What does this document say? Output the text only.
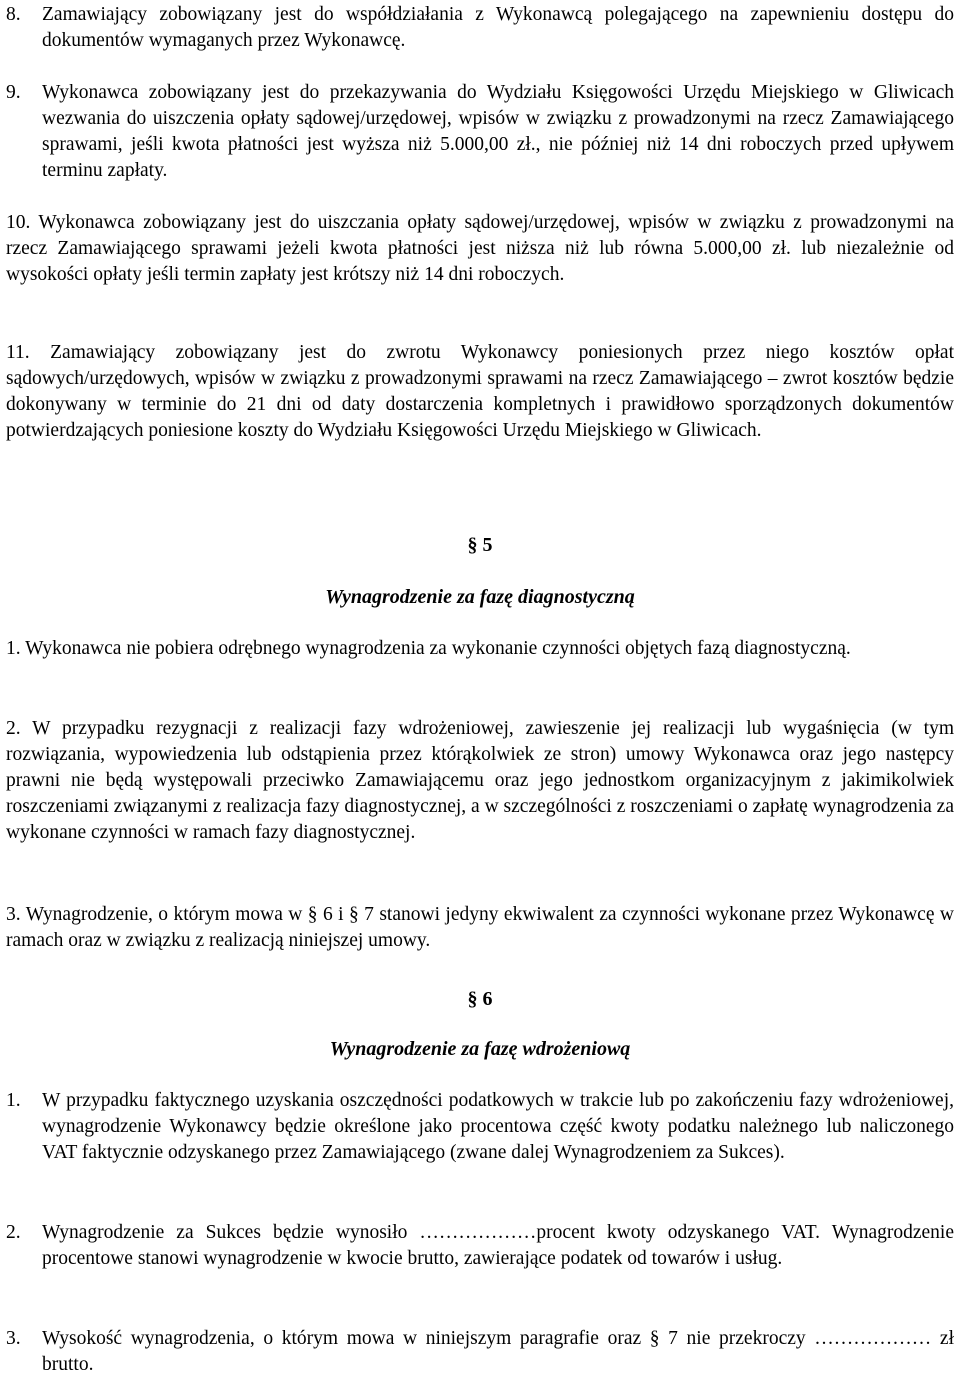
8.	Zamawiający zobowiązany jest do współdziałania z Wykonawcą polegającego na zapewnieniu dostępu do dokumentów wymaganych przez Wykonawcę.
9.	Wykonawca zobowiązany jest do przekazywania do Wydziału Księgowości Urzędu Miejskiego w Gliwicach wezwania do uiszczenia opłaty sądowej/urzędowej, wpisów w związku z prowadzonymi na rzecz Zamawiającego sprawami, jeśli kwota płatności jest wyższa niż 5.000,00 zł., nie później niż 14 dni roboczych przed upływem terminu zapłaty.
10. Wykonawca zobowiązany jest do uiszczania opłaty sądowej/urzędowej, wpisów w związku z prowadzonymi na rzecz Zamawiającego sprawami jeżeli kwota płatności jest niższa niż lub równa 5.000,00 zł. lub niezależnie od wysokości opłaty jeśli termin zapłaty jest krótszy niż 14 dni roboczych.
11. Zamawiający zobowiązany jest do zwrotu Wykonawcy poniesionych przez niego kosztów opłat sądowych/urzędowych, wpisów w związku z prowadzonymi sprawami na rzecz Zamawiającego – zwrot kosztów będzie dokonywany w terminie do 21 dni od daty dostarczenia kompletnych i prawidłowo sporządzonych dokumentów potwierdzających poniesione koszty do Wydziału Księgowości Urzędu Miejskiego w Gliwicach.
§ 5
Wynagrodzenie za fazę diagnostyczną
1. Wykonawca nie pobiera odrębnego wynagrodzenia za wykonanie czynności objętych fazą diagnostyczną.
2. W przypadku rezygnacji z realizacji fazy wdrożeniowej, zawieszenie jej realizacji lub wygaśnięcia (w tym rozwiązania, wypowiedzenia lub odstąpienia przez którąkolwiek ze stron) umowy Wykonawca oraz jego następcy prawni nie będą występowali przeciwko Zamawiającemu oraz jego jednostkom organizacyjnym z jakimikolwiek roszczeniami związanymi z realizacja fazy diagnostycznej, a w szczególności z roszczeniami o zapłatę wynagrodzenia za wykonane czynności w ramach fazy diagnostycznej.
3. Wynagrodzenie, o którym mowa w § 6 i § 7 stanowi jedyny ekwiwalent za czynności wykonane przez Wykonawcę w ramach oraz w związku z realizacją niniejszej umowy.
§ 6
Wynagrodzenie za fazę wdrożeniową
1.	W przypadku faktycznego uzyskania oszczędności podatkowych w trakcie lub po zakończeniu fazy wdrożeniowej, wynagrodzenie Wykonawcy będzie określone jako procentowa część kwoty podatku należnego lub naliczonego VAT faktycznie odzyskanego przez Zamawiającego (zwane dalej Wynagrodzeniem za Sukces).
2.	Wynagrodzenie za Sukces będzie wynosiło ………………procent kwoty odzyskanego VAT. Wynagrodzenie procentowe stanowi wynagrodzenie w kwocie brutto, zawierające podatek od towarów i usług.
3.	Wysokość wynagrodzenia, o którym mowa w niniejszym paragrafie oraz § 7 nie przekroczy ……………… zł brutto.
